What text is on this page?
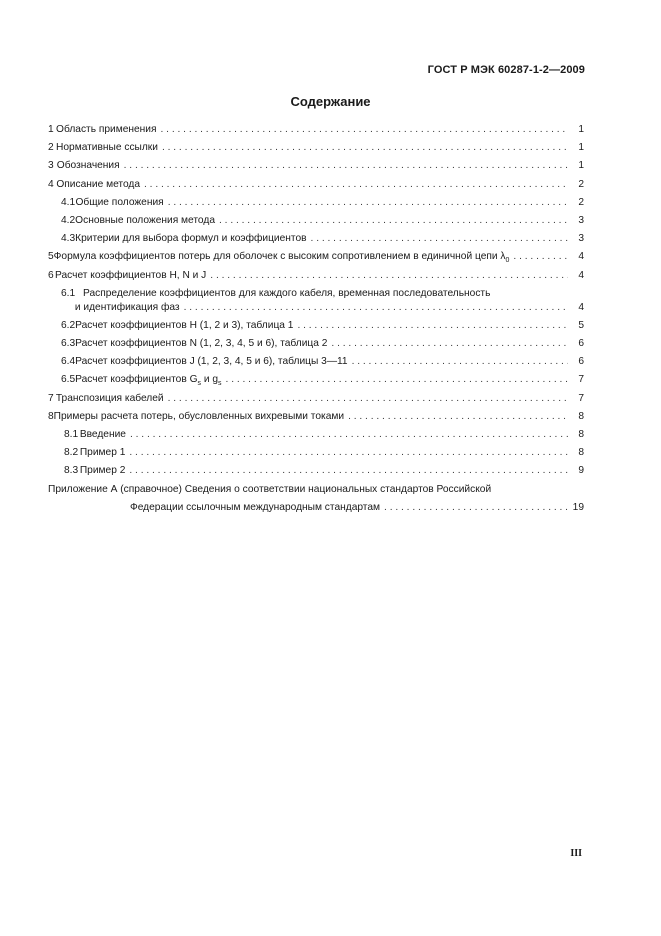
ГОСТ Р МЭК 60287-1-2—2009
Содержание
1 Область применения . . .	1
2 Нормативные ссылки . . .	1
3 Обозначения . . .	1
4 Описание метода . . .	2
4.1 Общие положения . . .	2
4.2 Основные положения метода . . .	3
4.3 Критерии для выбора формул и коэффициентов . . .	3
5 Формула коэффициентов потерь для оболочек с высоким сопротивлением в единичной цепи $\lambda_0$ . . .	4
6 Расчет коэффициентов H, N и J . . .	4
6.1 Распределение коэффициентов для каждого кабеля, временная последовательность
и идентификация фаз . . .	4
6.2 Расчет коэффициентов H (1, 2 и 3), таблица 1 . . .	5
6.3 Расчет коэффициентов N (1, 2, 3, 4, 5 и 6), таблица 2 . . .	6
6.4 Расчет коэффициентов J (1, 2, 3, 4, 5 и 6), таблицы 3—11 . . .	6
6.5 Расчет коэффициентов $G_s$ и $g_s$ . . .	7
7 Транспозиция кабелей . . .	7
8 Примеры расчета потерь, обусловленных вихревыми токами . . .	8
8.1 Введение . . .	8
8.2 Пример 1 . . .	8
8.3 Пример 2 . . .	9
Приложение А (справочное) Сведения о соответствии национальных стандартов Российской
Федерации ссылочным международным стандартам . . .	19
III
